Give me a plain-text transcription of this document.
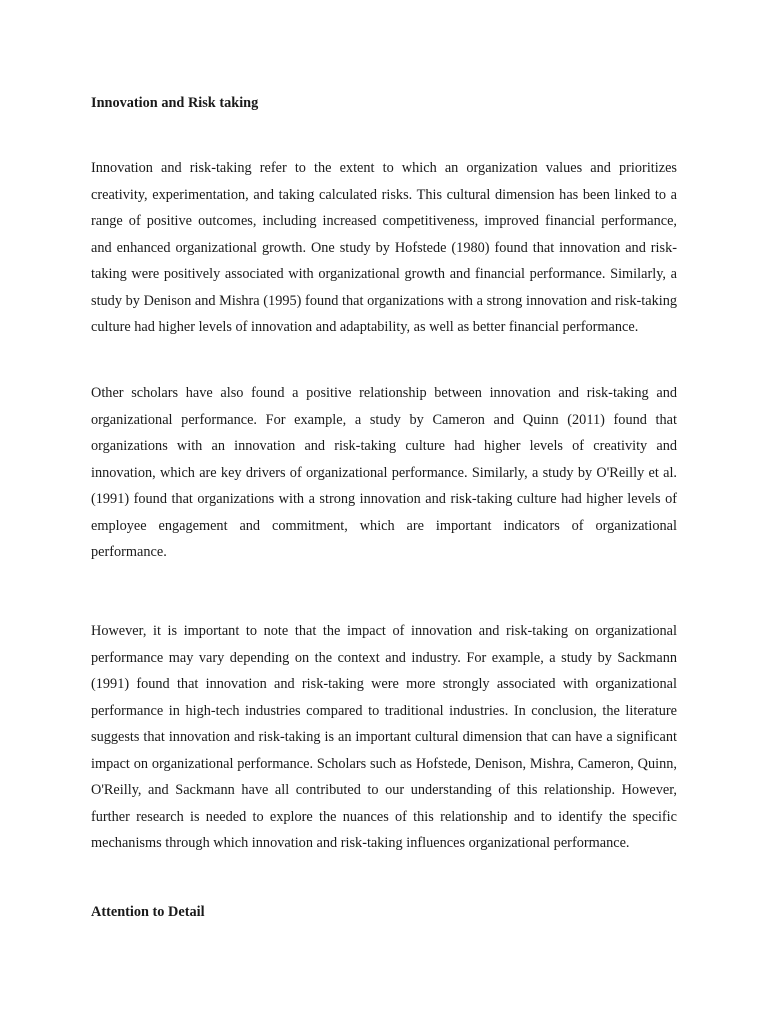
Innovation and Risk taking

Innovation and risk-taking refer to the extent to which an organization values and prioritizes creativity, experimentation, and taking calculated risks. This cultural dimension has been linked to a range of positive outcomes, including increased competitiveness, improved financial performance, and enhanced organizational growth. One study by Hofstede (1980) found that innovation and risk-taking were positively associated with organizational growth and financial performance. Similarly, a study by Denison and Mishra (1995) found that organizations with a strong innovation and risk-taking culture had higher levels of innovation and adaptability, as well as better financial performance.

Other scholars have also found a positive relationship between innovation and risk-taking and organizational performance. For example, a study by Cameron and Quinn (2011) found that organizations with an innovation and risk-taking culture had higher levels of creativity and innovation, which are key drivers of organizational performance. Similarly, a study by O'Reilly et al. (1991) found that organizations with a strong innovation and risk-taking culture had higher levels of employee engagement and commitment, which are important indicators of organizational performance.

However, it is important to note that the impact of innovation and risk-taking on organizational performance may vary depending on the context and industry. For example, a study by Sackmann (1991) found that innovation and risk-taking were more strongly associated with organizational performance in high-tech industries compared to traditional industries. In conclusion, the literature suggests that innovation and risk-taking is an important cultural dimension that can have a significant impact on organizational performance. Scholars such as Hofstede, Denison, Mishra, Cameron, Quinn, O'Reilly, and Sackmann have all contributed to our understanding of this relationship. However, further research is needed to explore the nuances of this relationship and to identify the specific mechanisms through which innovation and risk-taking influences organizational performance.

Attention to Detail
